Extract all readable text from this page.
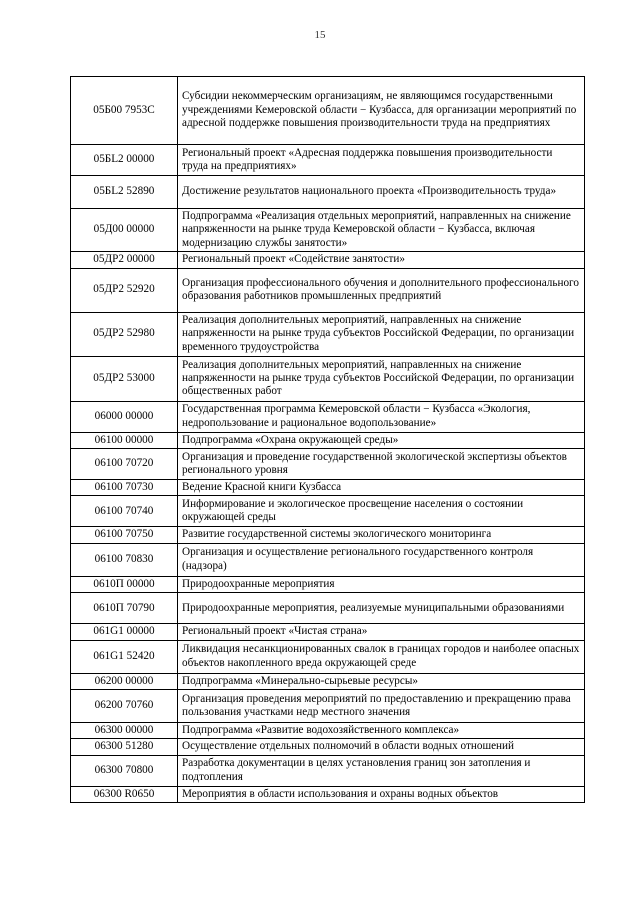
15
05Б00 7953С	Субсидии некоммерческим организациям, не являющимся государственными учреждениями Кемеровской области − Кузбасса, для организации мероприятий по адресной поддержке повышения производительности труда на предприятиях
05БL2 00000	Региональный проект «Адресная поддержка повышения производительности труда на предприятиях»
05БL2 52890	Достижение результатов национального проекта «Производительность труда»
05Д00 00000	Подпрограмма «Реализация отдельных мероприятий, направленных на снижение напряженности на рынке труда Кемеровской области − Кузбасса, включая модернизацию службы занятости»
05ДР2 00000	Региональный проект «Содействие занятости»
05ДР2 52920	Организация профессионального обучения и дополнительного профессионального образования работников промышленных предприятий
05ДР2 52980	Реализация дополнительных мероприятий, направленных на снижение напряженности на рынке труда субъектов Российской Федерации, по организации временного трудоустройства
05ДР2 53000	Реализация дополнительных мероприятий, направленных на снижение напряженности на рынке труда субъектов Российской Федерации, по организации общественных работ
06000 00000	Государственная программа Кемеровской области − Кузбасса «Экология, недропользование и рациональное водопользование»
06100 00000	Подпрограмма «Охрана окружающей среды»
06100 70720	Организация и проведение государственной экологической экспертизы объектов регионального уровня
06100 70730	Ведение Красной книги Кузбасса
06100 70740	Информирование и экологическое просвещение населения о состоянии окружающей среды
06100 70750	Развитие государственной системы экологического мониторинга
06100 70830	Организация и осуществление регионального государственного контроля (надзора)
0610П 00000	Природоохранные мероприятия
0610П 70790	Природоохранные мероприятия, реализуемые муниципальными образованиями
061G1 00000	Региональный проект «Чистая страна»
061G1 52420	Ликвидация несанкционированных свалок в границах городов и наиболее опасных объектов накопленного вреда окружающей среде
06200 00000	Подпрограмма «Минерально-сырьевые ресурсы»
06200 70760	Организация проведения мероприятий по предоставлению и прекращению права пользования участками недр местного значения
06300 00000	Подпрограмма «Развитие водохозяйственного комплекса»
06300 51280	Осуществление отдельных полномочий в области водных отношений
06300 70800	Разработка документации в целях установления границ зон затопления и подтопления
06300 R0650	Мероприятия в области использования и охраны водных объектов
